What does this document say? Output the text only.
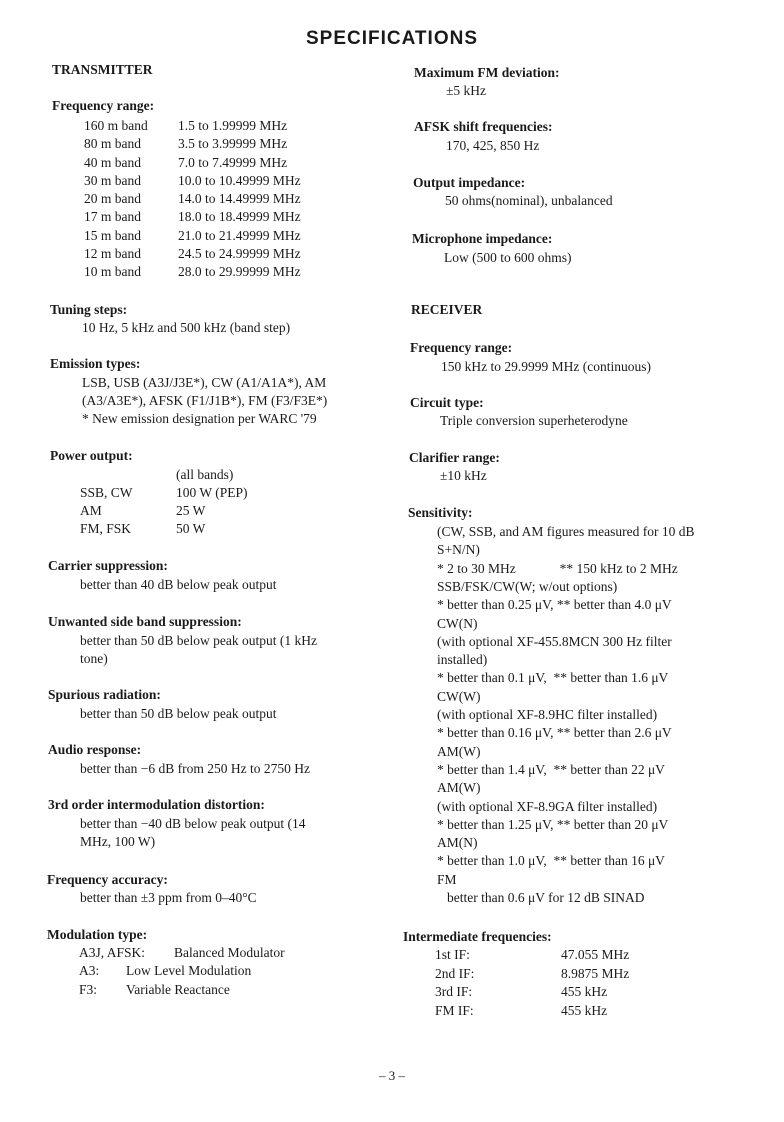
SPECIFICATIONS
TRANSMITTER
Frequency range:
160 m band 1.5 to 1.99999 MHz
80 m band	3.5 to 3.99999 MHz
40 m band	7.0 to 7.49999 MHz
30 m band	10.0 to 10.49999 MHz
20 m band	14.0 to 14.49999 MHz
17 m band	18.0 to 18.49999 MHz
15 m band	21.0 to 21.49999 MHz
12 m band	24.5 to 24.99999 MHz
10 m band	28.0 to 29.99999 MHz
Tuning steps:
10 Hz, 5 kHz and 500 kHz (band step)
Emission types:
LSB, USB (A3J/J3E*), CW (A1/A1A*), AM
(A3/A3E*), AFSK (F1/J1B*), FM (F3/F3E*)
* New emission designation per WARC '79
Power output:
(all bands)
SSB, CW	100 W (PEP)
AM	25 W
FM, FSK	50 W
Carrier suppression:
better than 40 dB below peak output
Unwanted side band suppression:
better than 50 dB below peak output (1 kHz
tone)
Spurious radiation:
better than 50 dB below peak output
Audio response:
better than −6 dB from 250 Hz to 2750 Hz
3rd order intermodulation distortion:
better than −40 dB below peak output (14
MHz, 100 W)
Frequency accuracy:
better than ±3 ppm from 0–40°C
Modulation type:
A3J, AFSK: Balanced Modulator
A3: Low Level Modulation
F3: Variable Reactance
Maximum FM deviation:
±5 kHz
AFSK shift frequencies:
170, 425, 850 Hz
Output impedance:
50 ohms(nominal), unbalanced
Microphone impedance:
Low (500 to 600 ohms)
RECEIVER
Frequency range:
150 kHz to 29.9999 MHz (continuous)
Circuit type:
Triple conversion superheterodyne
Clarifier range:
±10 kHz
Sensitivity:
(CW, SSB, and AM figures measured for 10 dB
S+N/N)
* 2 to 30 MHz             ** 150 kHz to 2 MHz
SSB/FSK/CW(W; w/out options)
* better than 0.25 μV, ** better than 4.0 μV
CW(N)
(with optional XF-455.8MCN 300 Hz filter
installed)
* better than 0.1 μV,  ** better than 1.6 μV
CW(W)
(with optional XF-8.9HC filter installed)
* better than 0.16 μV, ** better than 2.6 μV
AM(W)
* better than 1.4 μV,  ** better than 22 μV
AM(W)
(with optional XF-8.9GA filter installed)
* better than 1.25 μV, ** better than 20 μV
AM(N)
* better than 1.0 μV,  ** better than 16 μV
FM
better than 0.6 μV for 12 dB SINAD
Intermediate frequencies:
1st IF:	47.055 MHz
2nd IF:	8.9875 MHz
3rd IF:	455 kHz
FM IF:	455 kHz
– 3 –
